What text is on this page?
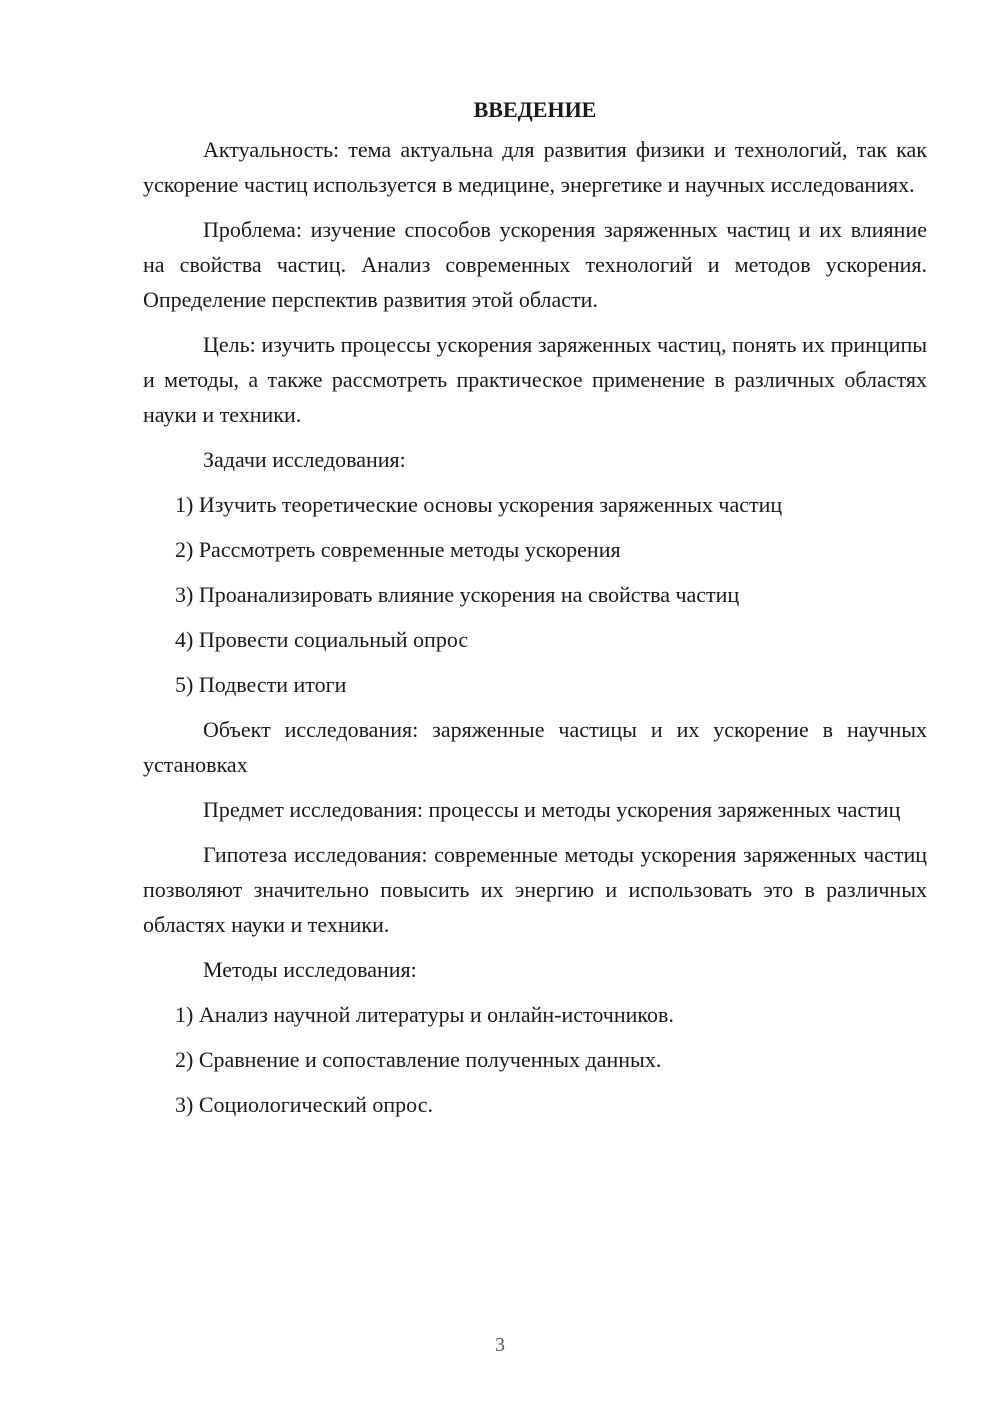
ВВЕДЕНИЕ

Актуальность: тема актуальна для развития физики и технологий, так как ускорение частиц используется в медицине, энергетике и научных исследованиях.

Проблема: изучение способов ускорения заряженных частиц и их влияние на свойства частиц. Анализ современных технологий и методов ускорения. Определение перспектив развития этой области.

Цель: изучить процессы ускорения заряженных частиц, понять их принципы и методы, а также рассмотреть практическое применение в различных областях науки и техники.

Задачи исследования:

1) Изучить теоретические основы ускорения заряженных частиц
2) Рассмотреть современные методы ускорения
3) Проанализировать влияние ускорения на свойства частиц
4) Провести социальный опрос
5) Подвести итоги

Объект исследования: заряженные частицы и их ускорение в научных установках

Предмет исследования: процессы и методы ускорения заряженных частиц

Гипотеза исследования: современные методы ускорения заряженных частиц позволяют значительно повысить их энергию и использовать это в различных областях науки и техники.

Методы исследования:

1) Анализ научной литературы и онлайн-источников.
2) Сравнение и сопоставление полученных данных.
3) Социологический опрос.

3
